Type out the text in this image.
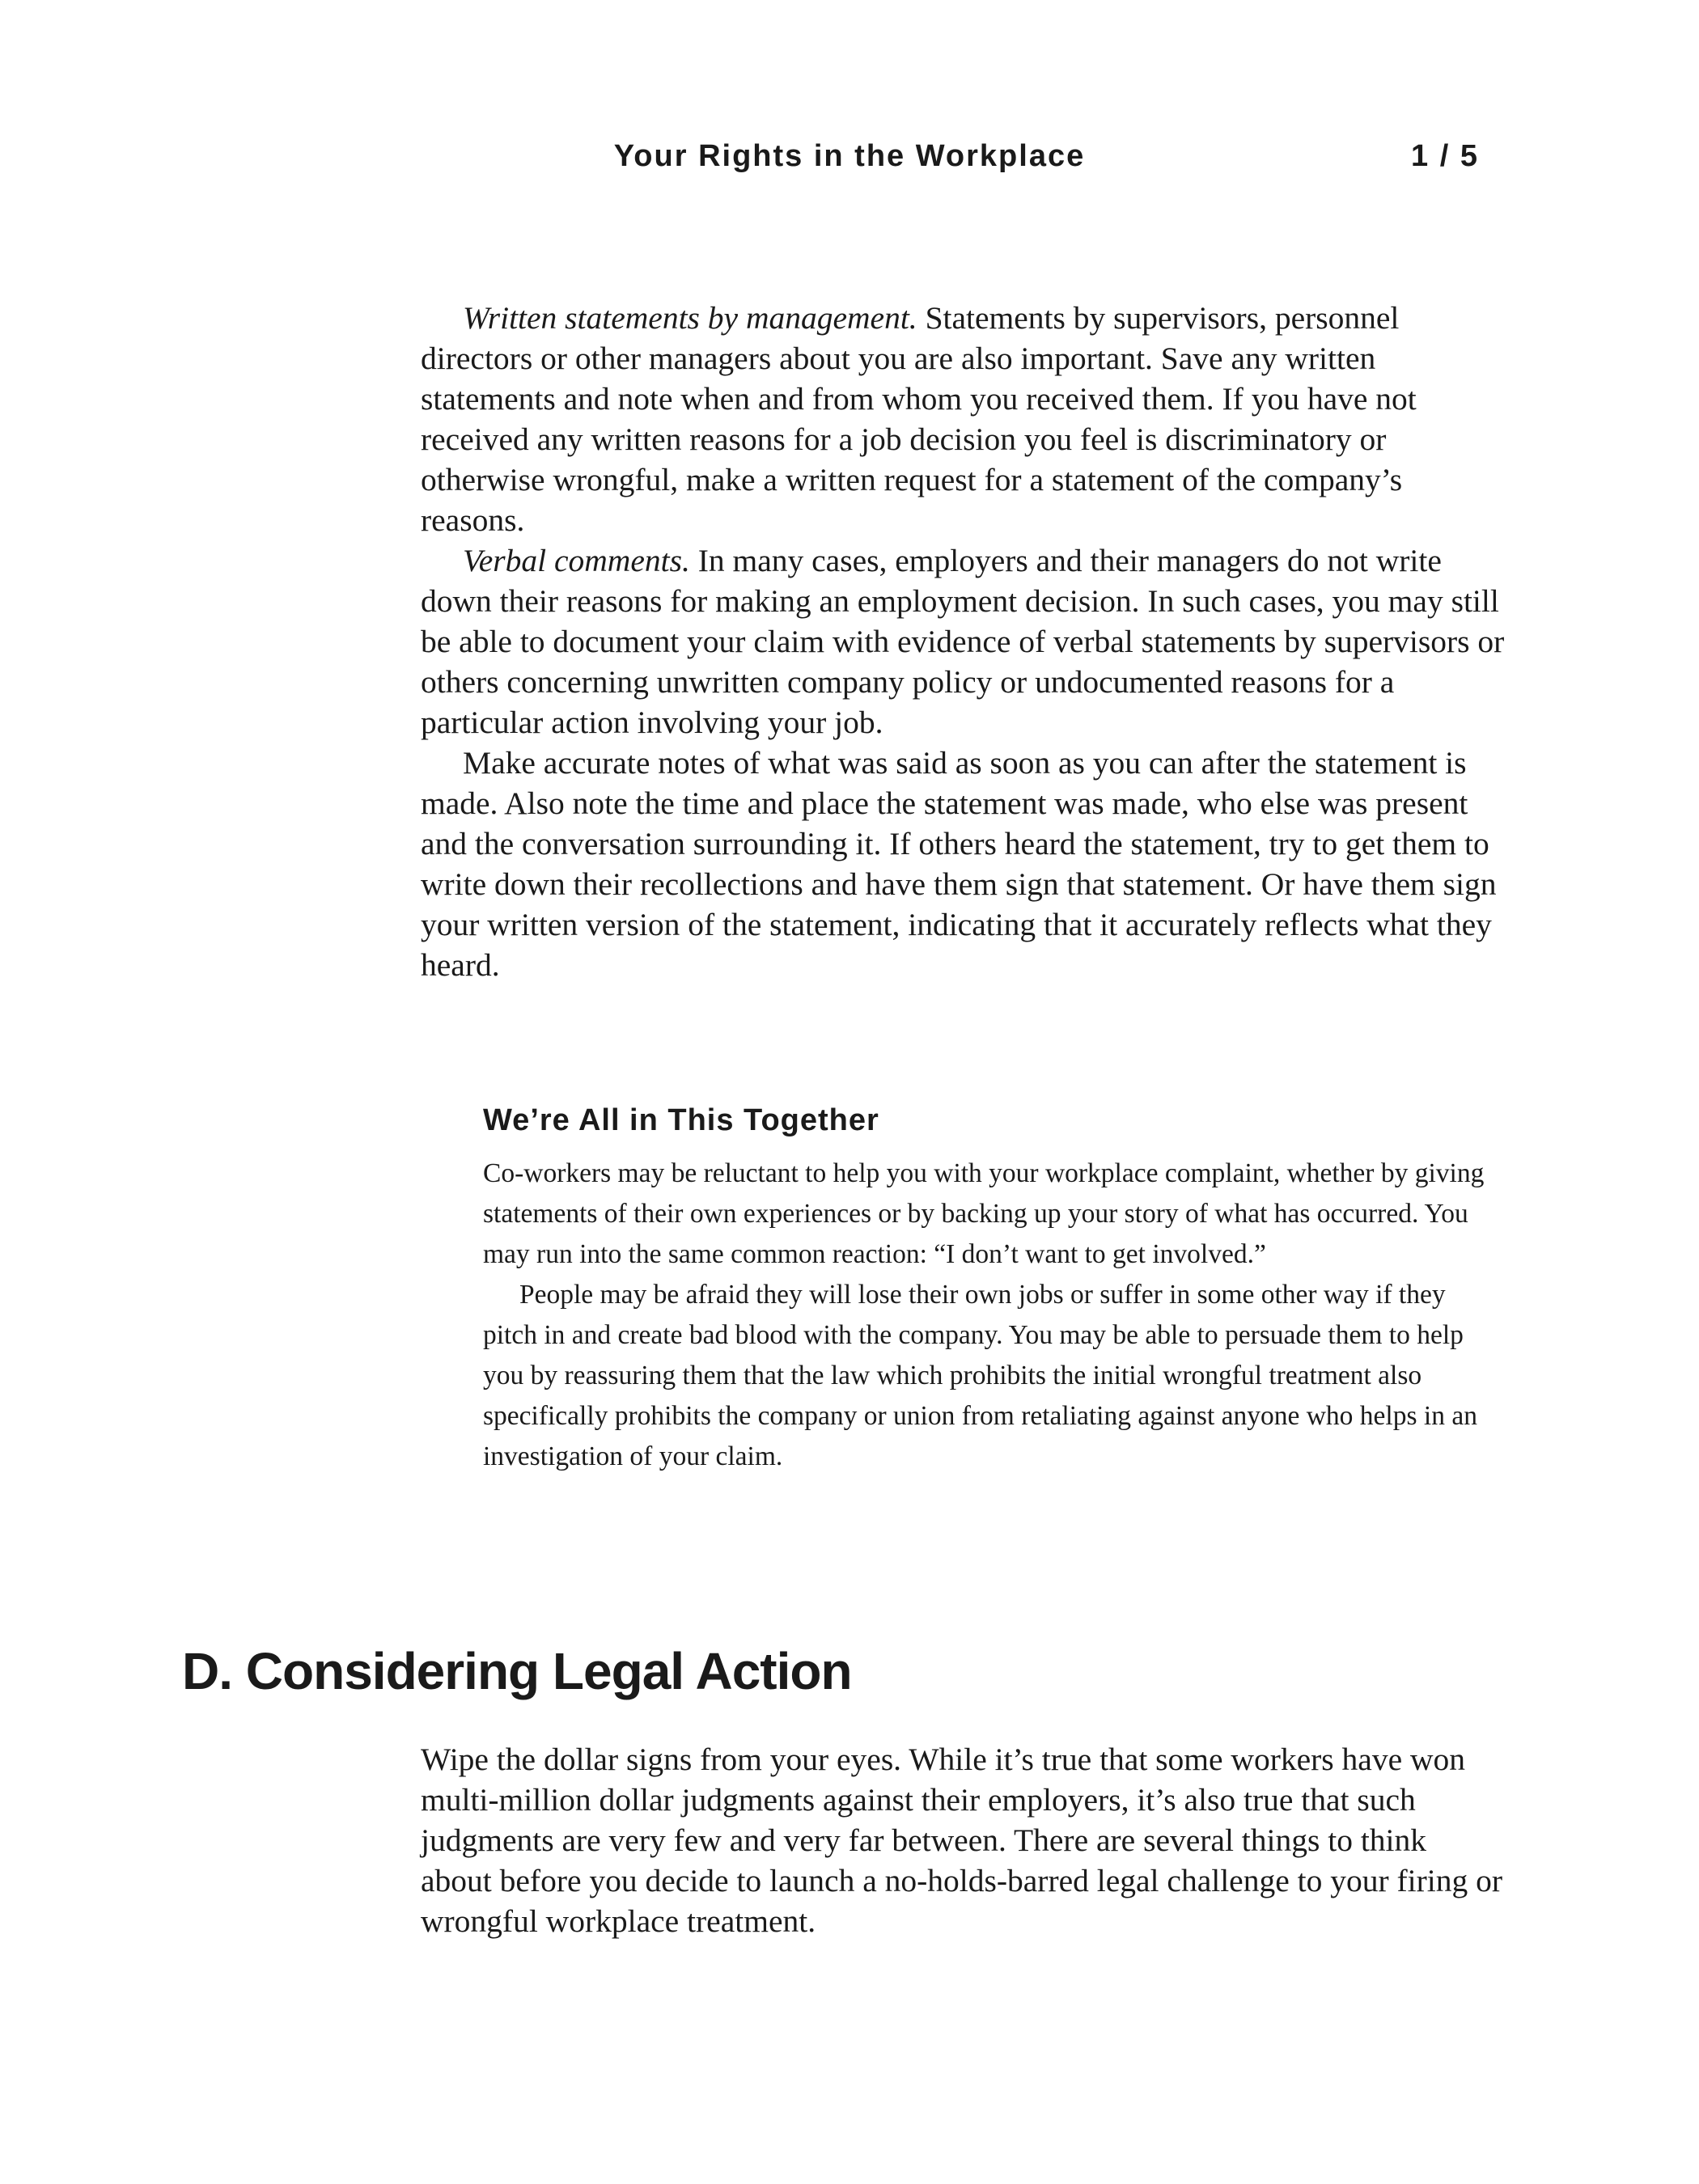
Your Rights in the Workplace	1 / 5

Written statements by management. Statements by supervisors, personnel directors or other managers about you are also important. Save any written statements and note when and from whom you received them. If you have not received any written reasons for a job decision you feel is discriminatory or otherwise wrongful, make a written request for a statement of the company’s reasons.

Verbal comments. In many cases, employers and their managers do not write down their reasons for making an employment decision. In such cases, you may still be able to document your claim with evidence of verbal statements by supervisors or others concerning unwritten company policy or undocumented reasons for a particular action involving your job.

Make accurate notes of what was said as soon as you can after the statement is made. Also note the time and place the statement was made, who else was present and the conversation surrounding it. If others heard the statement, try to get them to write down their recollections and have them sign that statement. Or have them sign your written version of the statement, indicating that it accurately reflects what they heard.

We’re All in This Together

Co-workers may be reluctant to help you with your workplace complaint, whether by giving statements of their own experiences or by backing up your story of what has occurred. You may run into the same common reaction: “I don’t want to get involved.”

People may be afraid they will lose their own jobs or suffer in some other way if they pitch in and create bad blood with the company. You may be able to persuade them to help you by reassuring them that the law which prohibits the initial wrongful treatment also specifically prohibits the company or union from retaliating against anyone who helps in an investigation of your claim.

D. Considering Legal Action

Wipe the dollar signs from your eyes. While it’s true that some workers have won multi-million dollar judgments against their employers, it’s also true that such judgments are very few and very far between. There are several things to think about before you decide to launch a no-holds-barred legal challenge to your firing or wrongful workplace treatment.
